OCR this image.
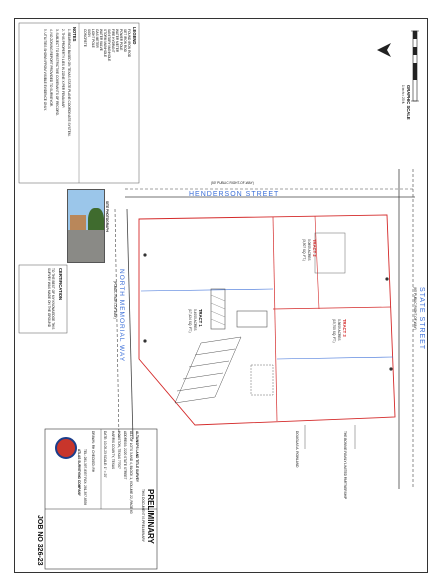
GRAPHIC SCALE
1 inch = 20 ft.
LEGEND
FOUND IRON ROD
SET IRON ROD
POWER POLE
WATER METER
FIRE HYDRANT
SANITARY MANHOLE
STORM MANHOLE
WATER VALVE
GAS METER
LIGHT POLE
SIGN
CONCRETE
NOTES
1. BEARINGS BASED ON TEXAS STATE PLANE COORDINATE SYSTEM.
2. THIS PROPERTY LIES IN ZONE X PER FEMA MAP.
3. SUBJECT TO RESTRICTIVE COVENANTS OF RECORD.
4. NO ZONING REPORT PROVIDED TO SURVEYOR.
5. UTILITIES SHOWN FROM VISIBLE EVIDENCE ONLY.
CERTIFICATION
TO THE BEST OF MY KNOWLEDGE THIS SURVEY WAS MADE ON THE GROUND
SITE PHOTOGRAPH
HENDERSON STREET
(50' PUBLIC RIGHT-OF-WAY)
STATE STREET
(80' PUBLIC RIGHT-OF-WAY)
NORTH MEMORIAL WAY
(PUBLIC RIGHT-OF-WAY)	TRACT 1
0.4000 ACRES
(17,424 SQ. FT.)
TRACT 2
0.0805 ACRES
(3,507 SQ. FT.)
TRACT 3
0.3609 ACRES
(15,700 SQ. FT.)
THE BONNIE FAMILY LIMITED PARTNERSHIP
DOUGLAS A. ROWLAND
PRELIMINARY
THIS DOCUMENT IS PRELIMINARY
ALTA/NSPS LAND TITLE SURVEY
ALL OF LOTS 3 AND 4, BLOCK 1, VOLUME 22, PAGE 60
ADDRESS: 2220 STATE STREET
HOUSTON, TEXAS 77007
HARRIS COUNTY, TEXAS
DATE: 10-05-23 SCALE: 1" = 20'
DRAWN: RH CHECKED: RH
TEL: 281-397-8357 FAX: 281-397-8358
ATLAS SURVEYING COMPANY
JOB NO 326-23
